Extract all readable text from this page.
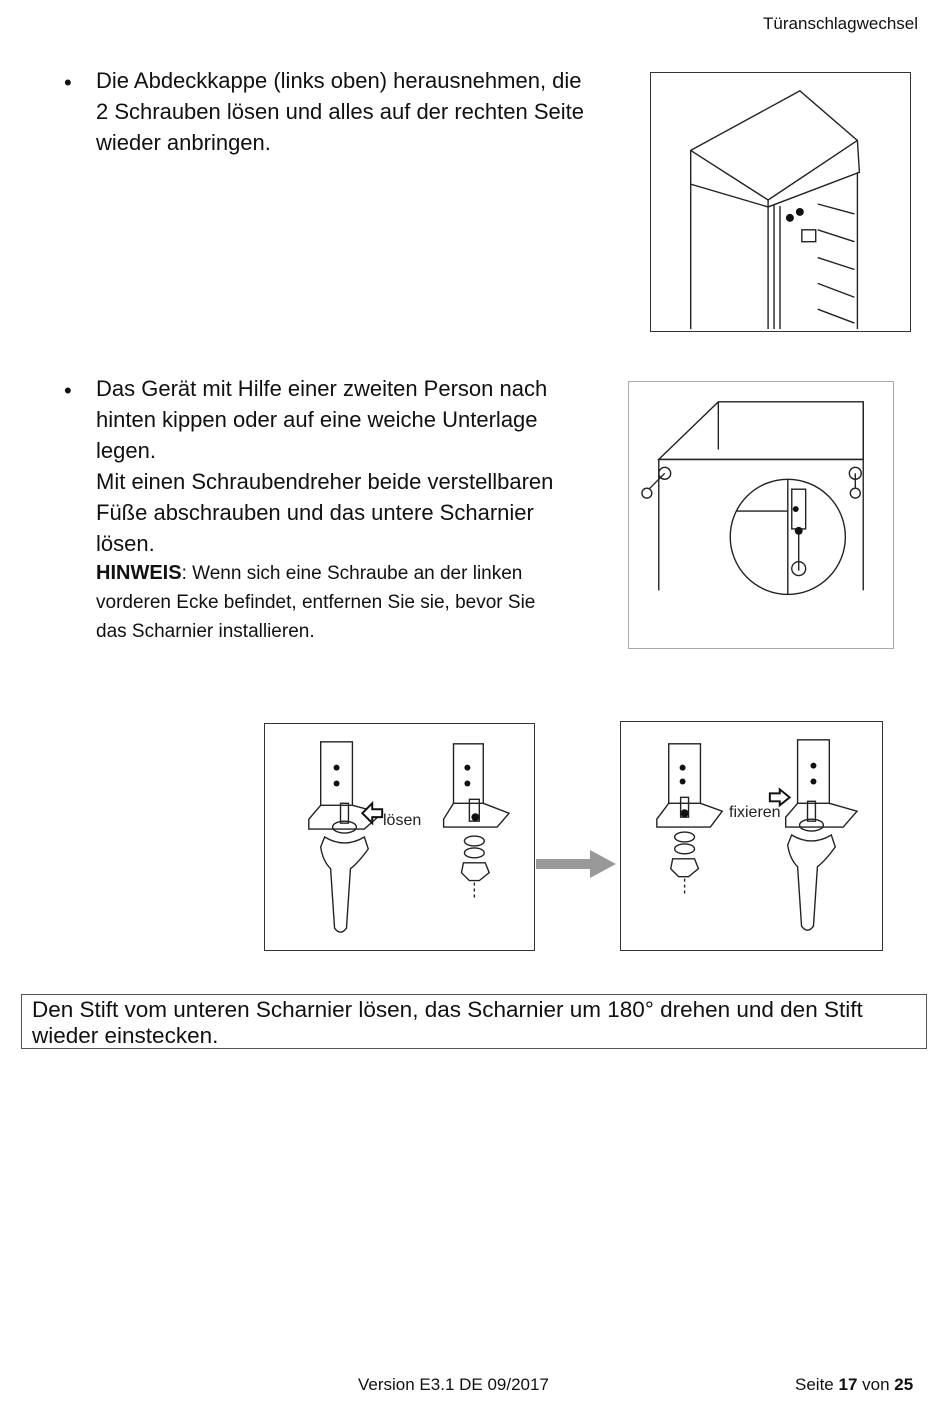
Türanschlagwechsel
• Die Abdeckkappe (links oben) herausnehmen, die
2 Schrauben lösen und alles auf der rechten Seite
wieder anbringen.
• Das Gerät mit Hilfe einer zweiten Person nach
hinten kippen oder auf eine weiche Unterlage
legen.
Mit einen Schraubendreher beide verstellbaren
Füße abschrauben und das untere Scharnier
lösen.
HINWEIS: Wenn sich eine Schraube an der linken
vorderen Ecke befindet, entfernen Sie sie, bevor Sie
das Scharnier installieren.
lösen	fixieren
Den Stift vom unteren Scharnier lösen, das Scharnier um 180° drehen und den Stift wieder einstecken.
Version E3.1 DE 09/2017	Seite 17 von 25
